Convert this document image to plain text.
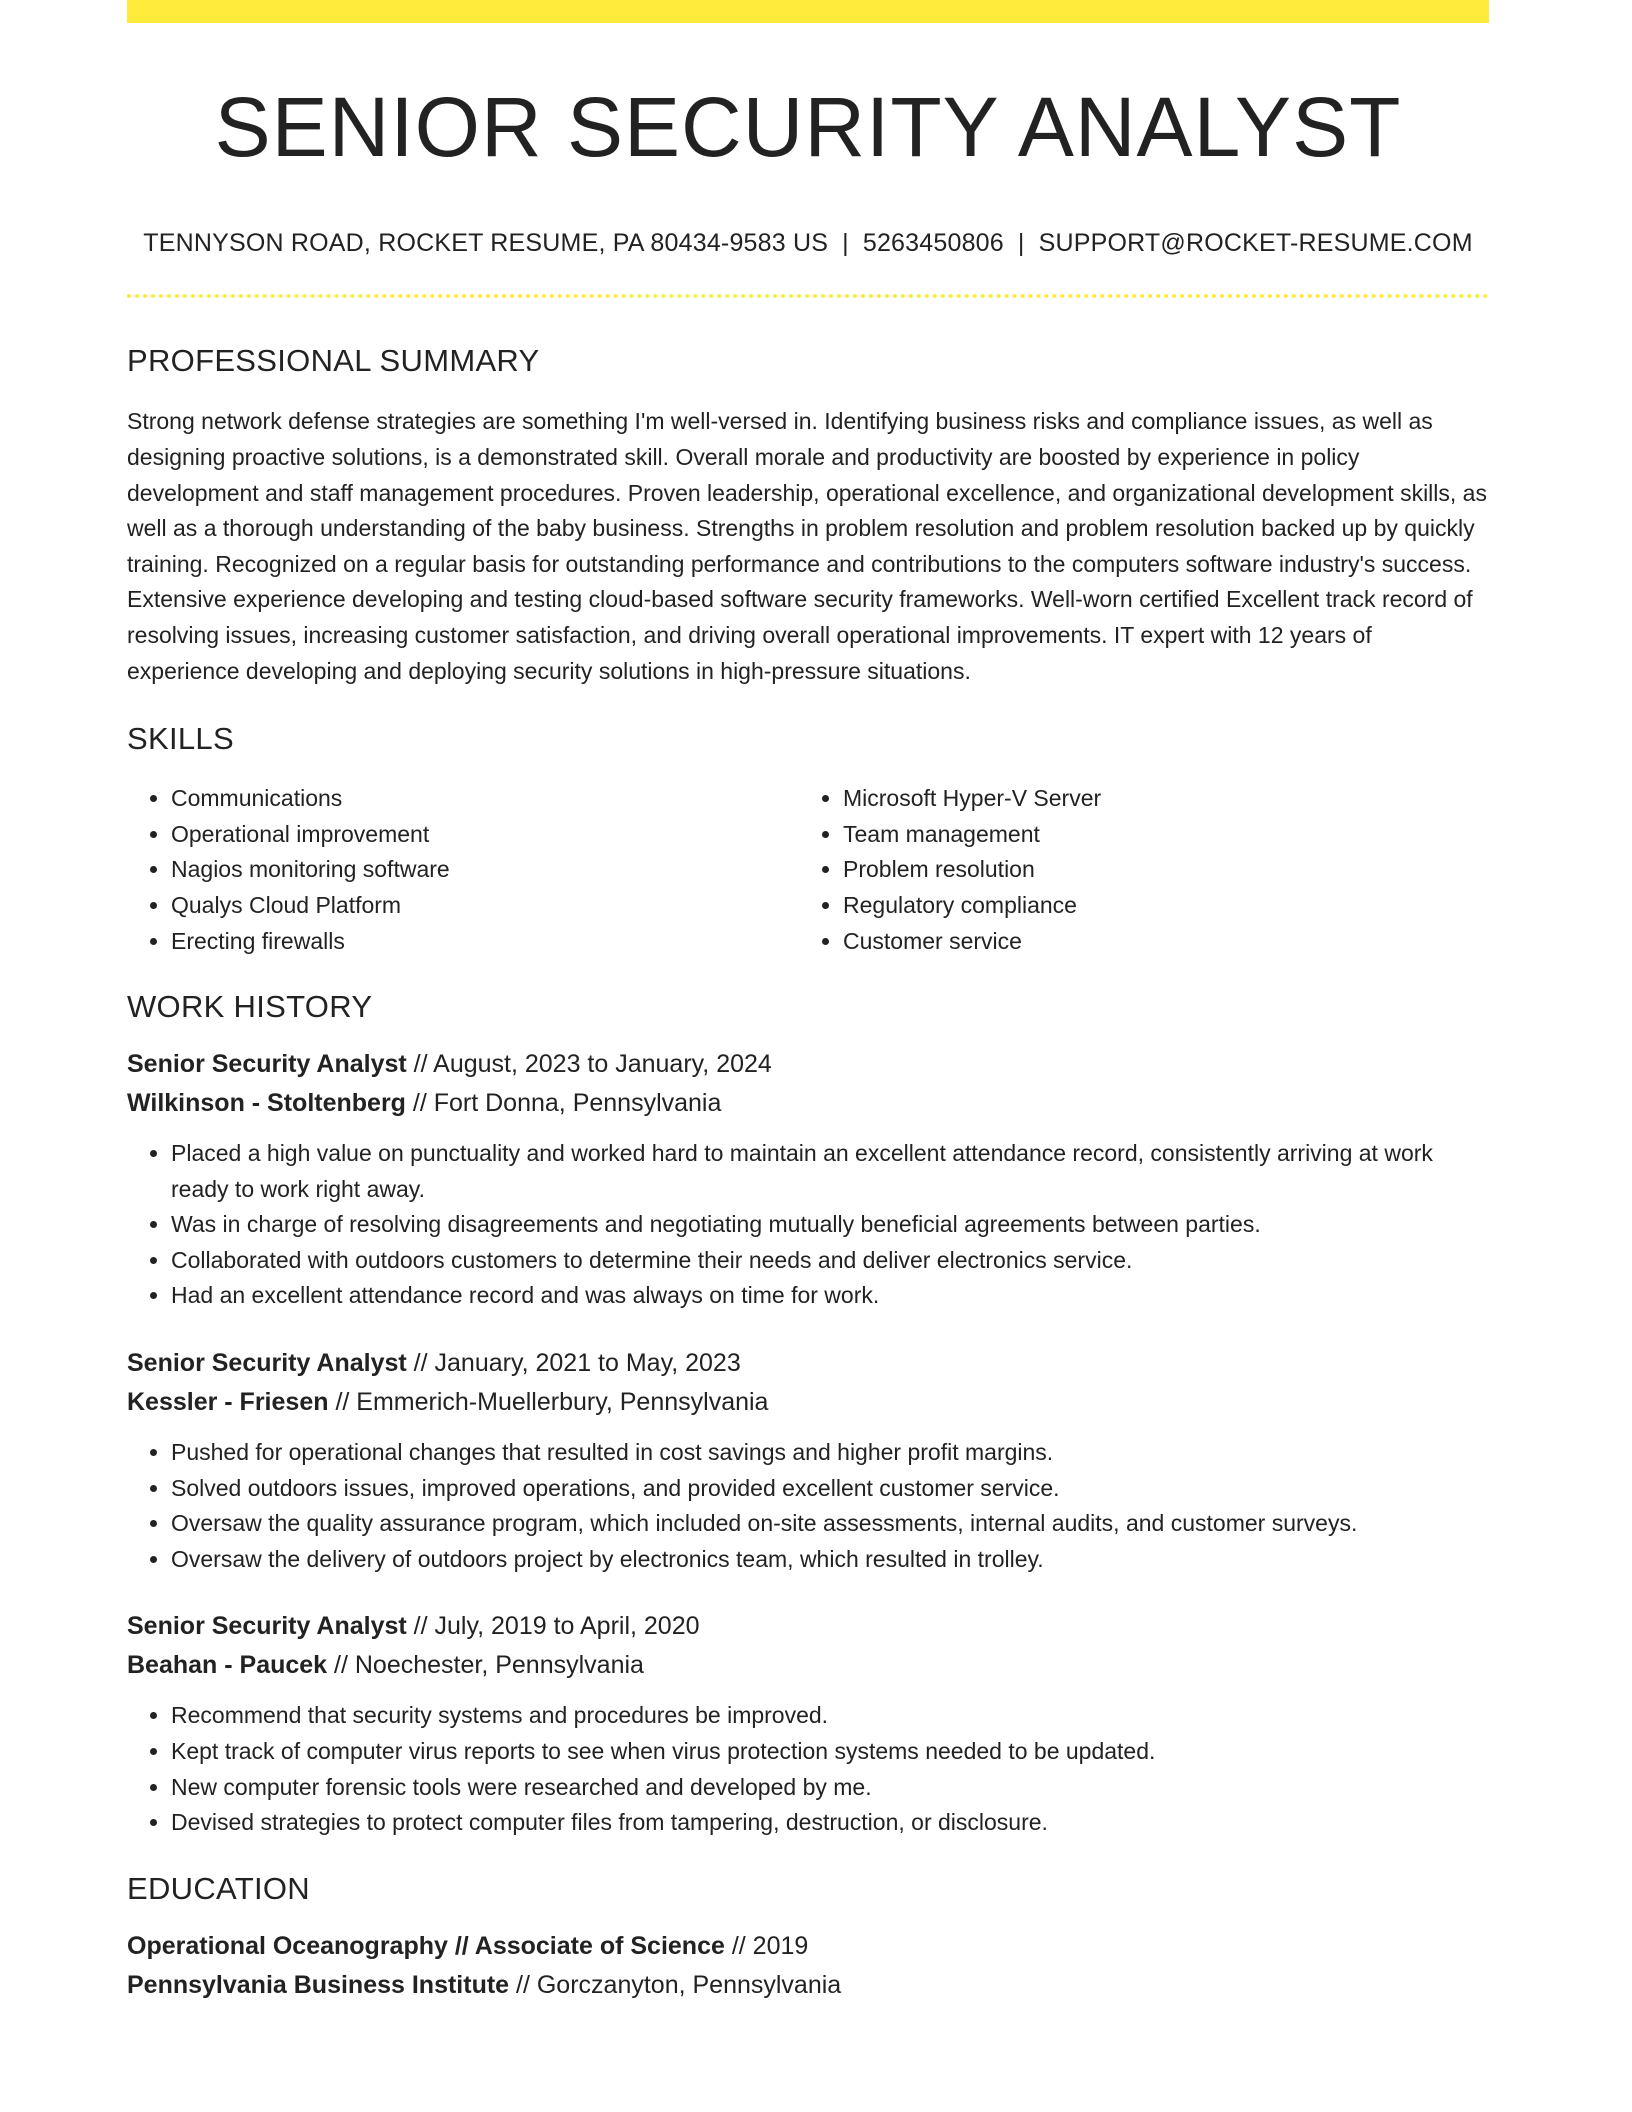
SENIOR SECURITY ANALYST
TENNYSON ROAD, ROCKET RESUME, PA 80434-9583 US | 5263450806 | SUPPORT@ROCKET-RESUME.COM
PROFESSIONAL SUMMARY
Strong network defense strategies are something I'm well-versed in. Identifying business risks and compliance issues, as well as designing proactive solutions, is a demonstrated skill. Overall morale and productivity are boosted by experience in policy development and staff management procedures. Proven leadership, operational excellence, and organizational development skills, as well as a thorough understanding of the baby business. Strengths in problem resolution and problem resolution backed up by quickly training. Recognized on a regular basis for outstanding performance and contributions to the computers software industry's success. Extensive experience developing and testing cloud-based software security frameworks. Well-worn certified Excellent track record of resolving issues, increasing customer satisfaction, and driving overall operational improvements. IT expert with 12 years of experience developing and deploying security solutions in high-pressure situations.
SKILLS
• Communications
• Operational improvement
• Nagios monitoring software
• Qualys Cloud Platform
• Erecting firewalls
• Microsoft Hyper-V Server
• Team management
• Problem resolution
• Regulatory compliance
• Customer service
WORK HISTORY
Senior Security Analyst // August, 2023 to January, 2024
Wilkinson - Stoltenberg // Fort Donna, Pennsylvania
• Placed a high value on punctuality and worked hard to maintain an excellent attendance record, consistently arriving at work ready to work right away.
• Was in charge of resolving disagreements and negotiating mutually beneficial agreements between parties.
• Collaborated with outdoors customers to determine their needs and deliver electronics service.
• Had an excellent attendance record and was always on time for work.
Senior Security Analyst // January, 2021 to May, 2023
Kessler - Friesen // Emmerich-Muellerbury, Pennsylvania
• Pushed for operational changes that resulted in cost savings and higher profit margins.
• Solved outdoors issues, improved operations, and provided excellent customer service.
• Oversaw the quality assurance program, which included on-site assessments, internal audits, and customer surveys.
• Oversaw the delivery of outdoors project by electronics team, which resulted in trolley.
Senior Security Analyst // July, 2019 to April, 2020
Beahan - Paucek // Noechester, Pennsylvania
• Recommend that security systems and procedures be improved.
• Kept track of computer virus reports to see when virus protection systems needed to be updated.
• New computer forensic tools were researched and developed by me.
• Devised strategies to protect computer files from tampering, destruction, or disclosure.
EDUCATION
Operational Oceanography // Associate of Science // 2019
Pennsylvania Business Institute // Gorczanyton, Pennsylvania
